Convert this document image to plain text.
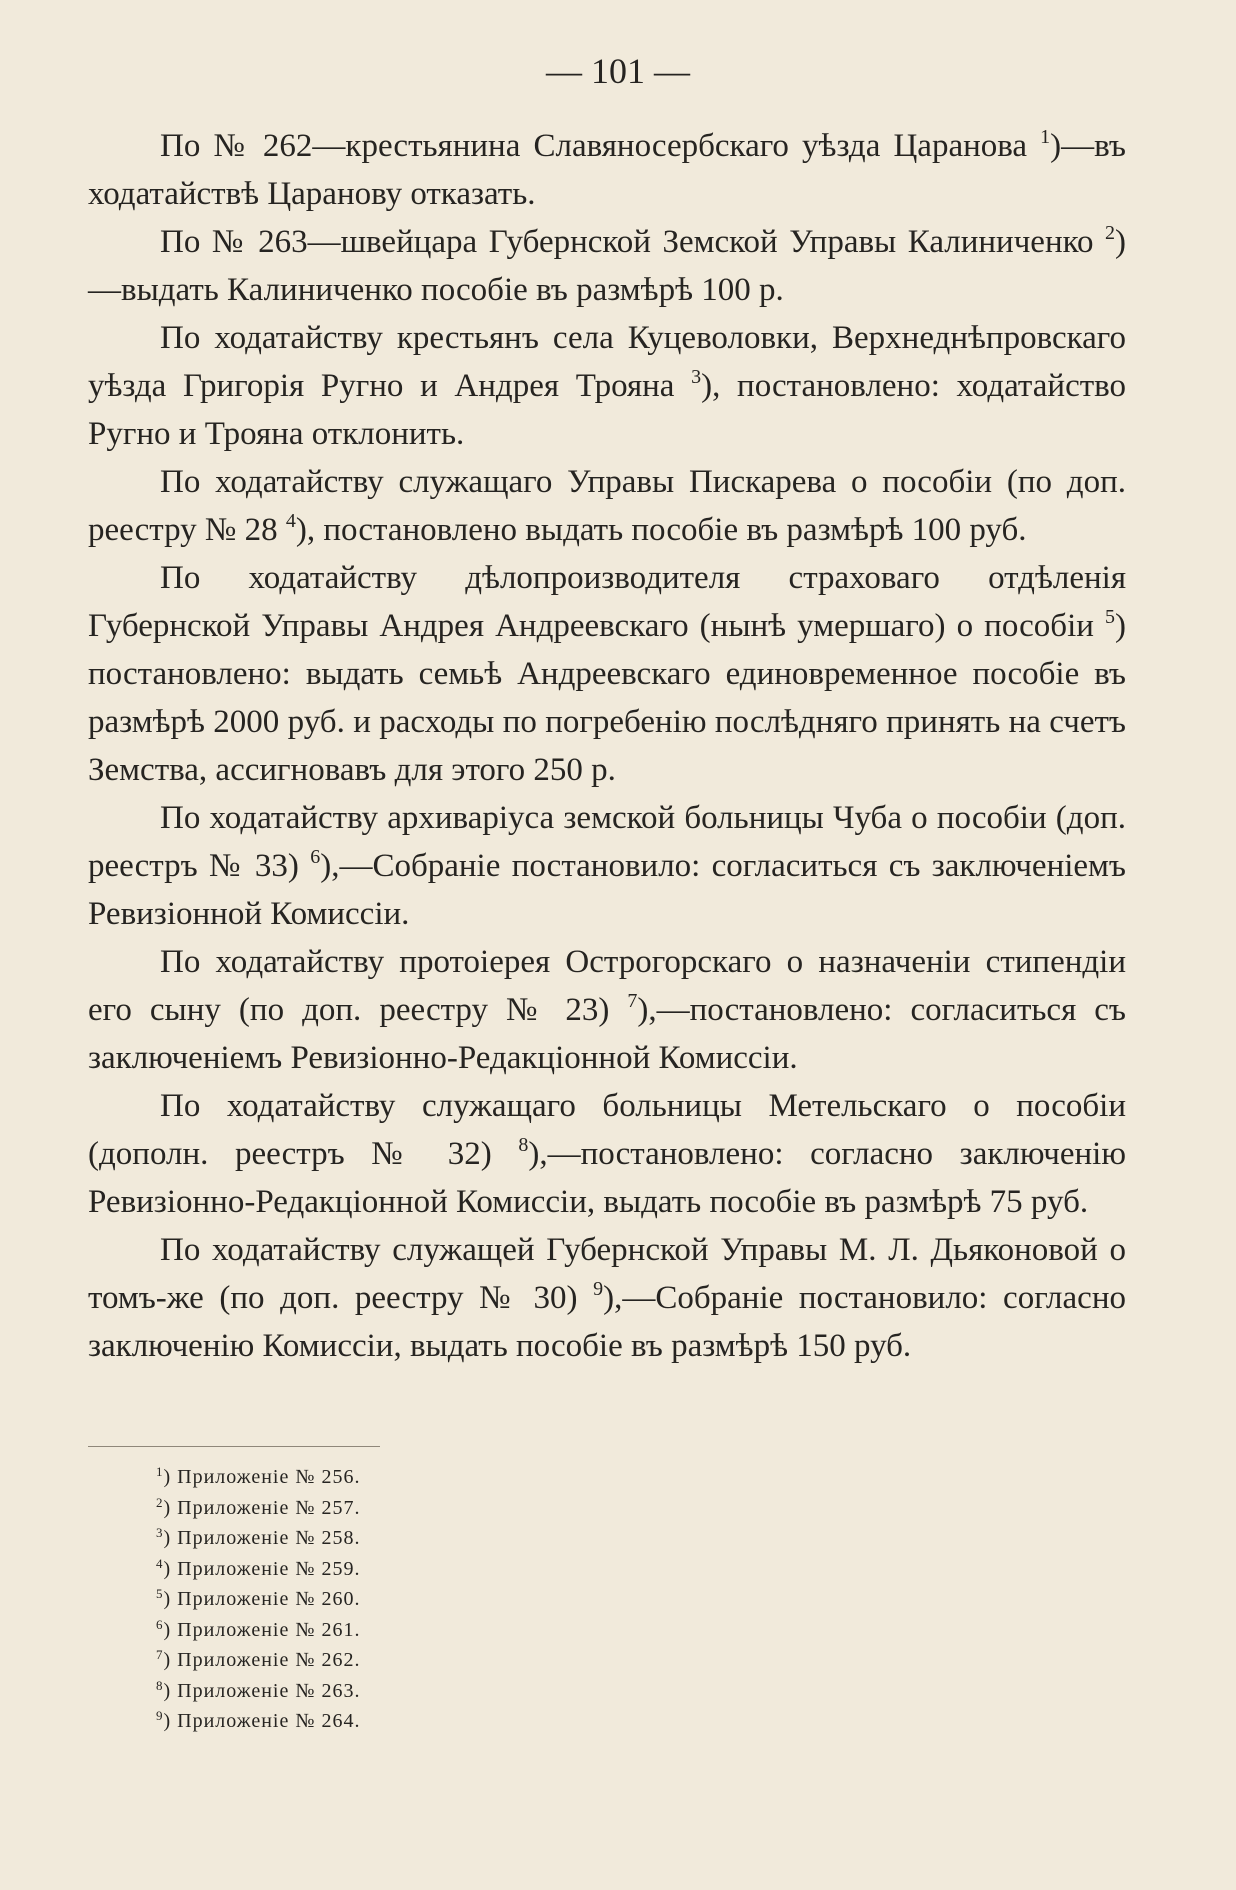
— 101 —

По № 262—крестьянина Славяносербскаго уѣзда Царанова $^1$)—въ ходатайствѣ Царанову отказать.

По № 263—швейцара Губернской Земской Управы Калиниченко $^2$)—выдать Калиниченко пособіе въ размѣрѣ 100 р.

По ходатайству крестьянъ села Куцеволовки, Верхнеднѣпровскаго уѣзда Григорія Ругно и Андрея Трояна $^3$), постановлено: ходатайство Ругно и Трояна отклонить.

По ходатайству служащаго Управы Пискарева о пособіи (по доп. реестру № 28 $^4$), постановлено выдать пособіе въ размѣрѣ 100 руб.

По ходатайству дѣлопроизводителя страховаго отдѣленія Губернской Управы Андрея Андреевскаго (нынѣ умершаго) о пособіи $^5$) постановлено: выдать семьѣ Андреевскаго единовременное пособіе въ размѣрѣ 2000 руб. и расходы по погребенію послѣдняго принять на счетъ Земства, ассигновавъ для этого 250 р.

По ходатайству архиваріуса земской больницы Чуба о пособіи (доп. реестръ № 33) $^6$),—Собраніе постановило: согласиться съ заключеніемъ Ревизіонной Комиссіи.

По ходатайству протоіерея Острогорскаго о назначеніи стипендіи его сыну (по доп. реестру № 23) $^7$),—постановлено: согласиться съ заключеніемъ Ревизіонно-Редакціонной Комиссіи.

По ходатайству служащаго больницы Метельскаго о пособіи (дополн. реестръ № 32) $^8$),—постановлено: согласно заключенію Ревизіонно-Редакціонной Комиссіи, выдать пособіе въ размѣрѣ 75 руб.

По ходатайству служащей Губернской Управы М. Л. Дьяконовой о томъ-же (по доп. реестру № 30) $^9$),—Собраніе постановило: согласно заключенію Комиссіи, выдать пособіе въ размѣрѣ 150 руб.

$^1$) Приложеніе № 256.
$^2$) Приложеніе № 257.
$^3$) Приложеніе № 258.
$^4$) Приложеніе № 259.
$^5$) Приложеніе № 260.
$^6$) Приложеніе № 261.
$^7$) Приложеніе № 262.
$^8$) Приложеніе № 263.
$^9$) Приложеніе № 264.
